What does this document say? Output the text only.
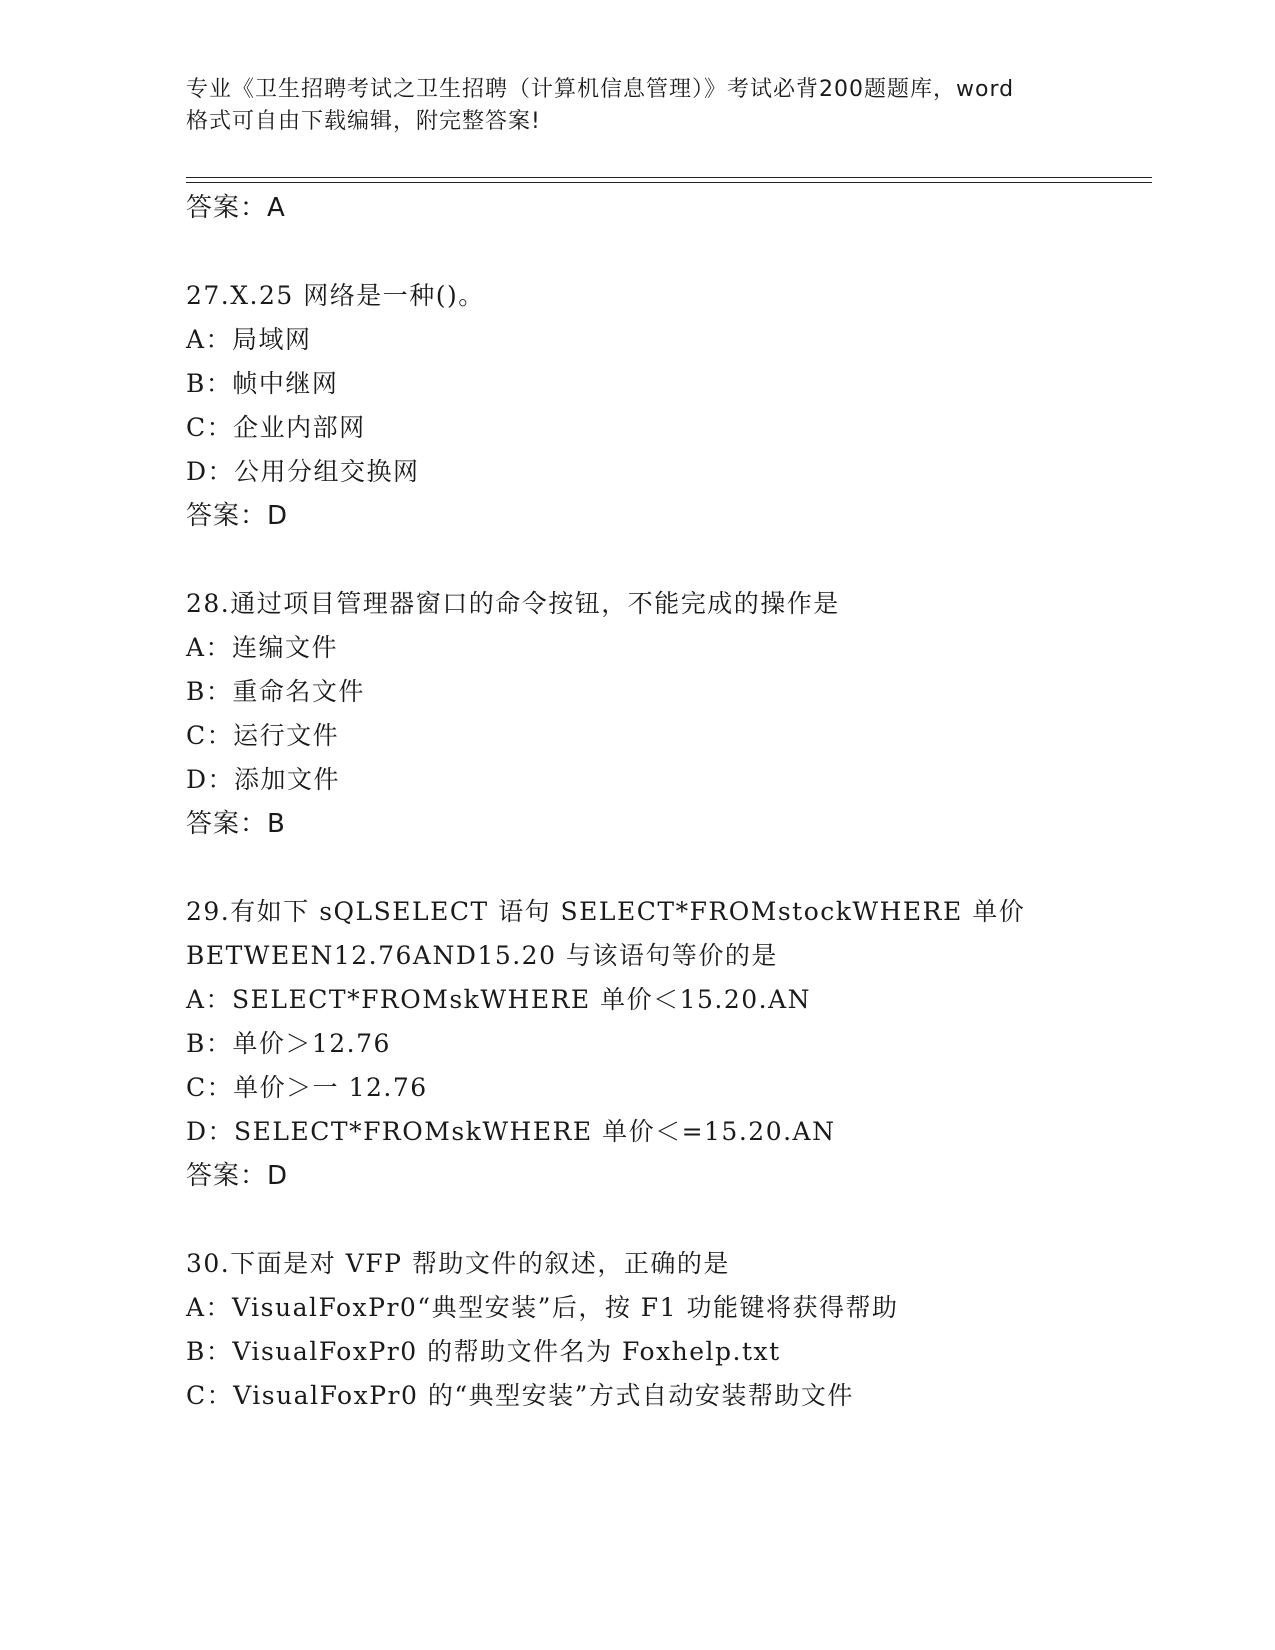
专业《卫生招聘考试之卫生招聘（计算机信息管理）》考试必背200题题库，word
格式可自由下载编辑，附完整答案!
答案：A
27.X.25 网络是一种()。
A：局域网
B：帧中继网
C：企业内部网
D：公用分组交换网
答案：D
28.通过项目管理器窗口的命令按钮，不能完成的操作是
A：连编文件
B：重命名文件
C：运行文件
D：添加文件
答案：B
29.有如下 sQLSELECT 语句 SELECT*FROMstockWHERE 单价
BETWEEN12.76AND15.20 与该语句等价的是
A：SELECT*FROMskWHERE 单价＜15.20.AN
B：单价＞12.76
C：单价＞一 12.76
D：SELECT*FROMskWHERE 单价＜=15.20.AN
答案：D
30.下面是对 VFP 帮助文件的叙述，正确的是
A：VisualFoxPr0“典型安装”后，按 F1 功能键将获得帮助
B：VisualFoxPr0 的帮助文件名为 Foxhelp.txt
C：VisualFoxPr0 的“典型安装”方式自动安装帮助文件
